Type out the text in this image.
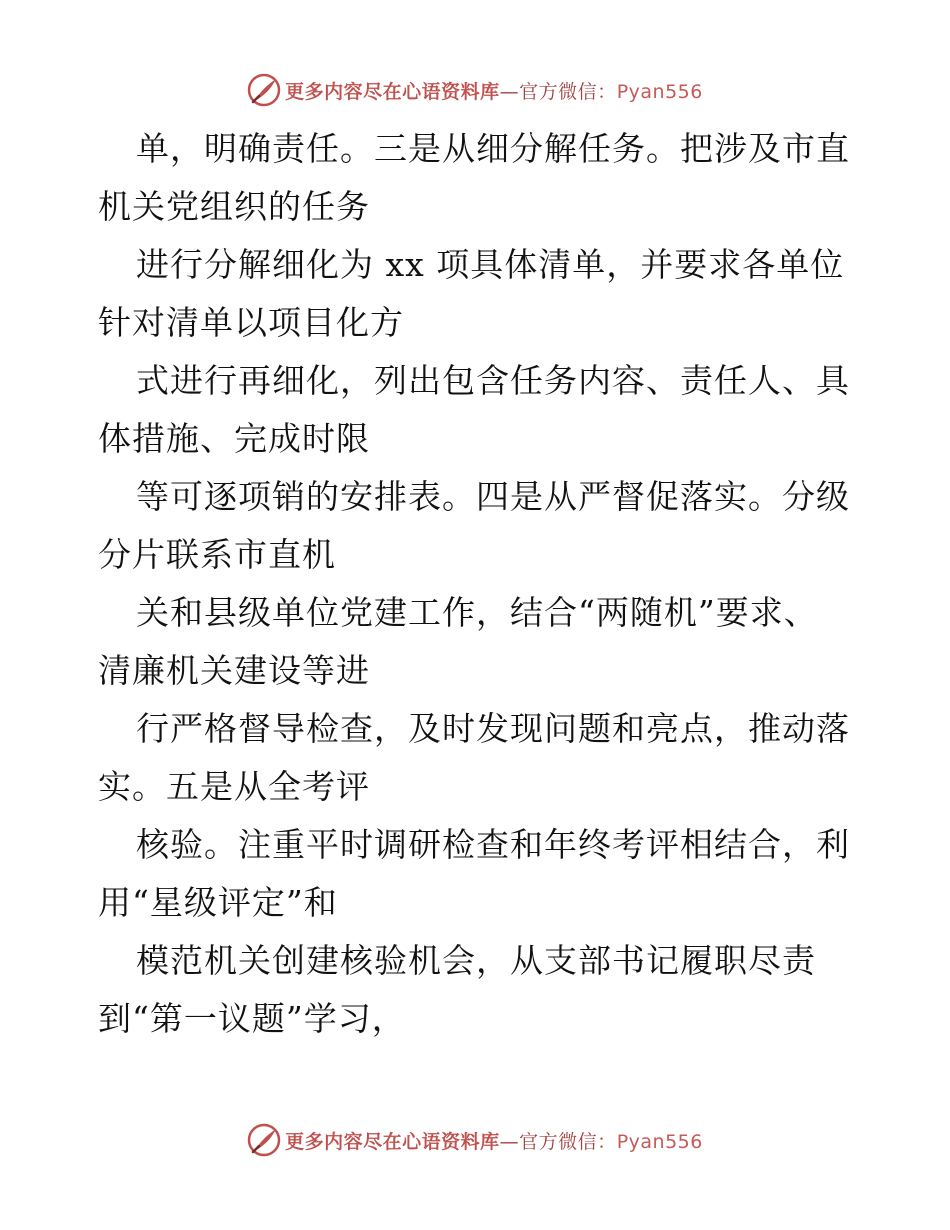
更多内容尽在心语资料库—官方微信：Pyan556
单，明确责任。三是从细分解任务。把涉及市直
机关党组织的任务
进行分解细化为 xx 项具体清单，并要求各单位
针对清单以项目化方
式进行再细化，列出包含任务内容、责任人、具
体措施、完成时限
等可逐项销的安排表。四是从严督促落实。分级
分片联系市直机
关和县级单位党建工作，结合“两随机”要求、
清廉机关建设等进
行严格督导检查，及时发现问题和亮点，推动落
实。五是从全考评
核验。注重平时调研检查和年终考评相结合，利
用“星级评定”和
模范机关创建核验机会，从支部书记履职尽责
到“第一议题”学习，
更多内容尽在心语资料库—官方微信：Pyan556
